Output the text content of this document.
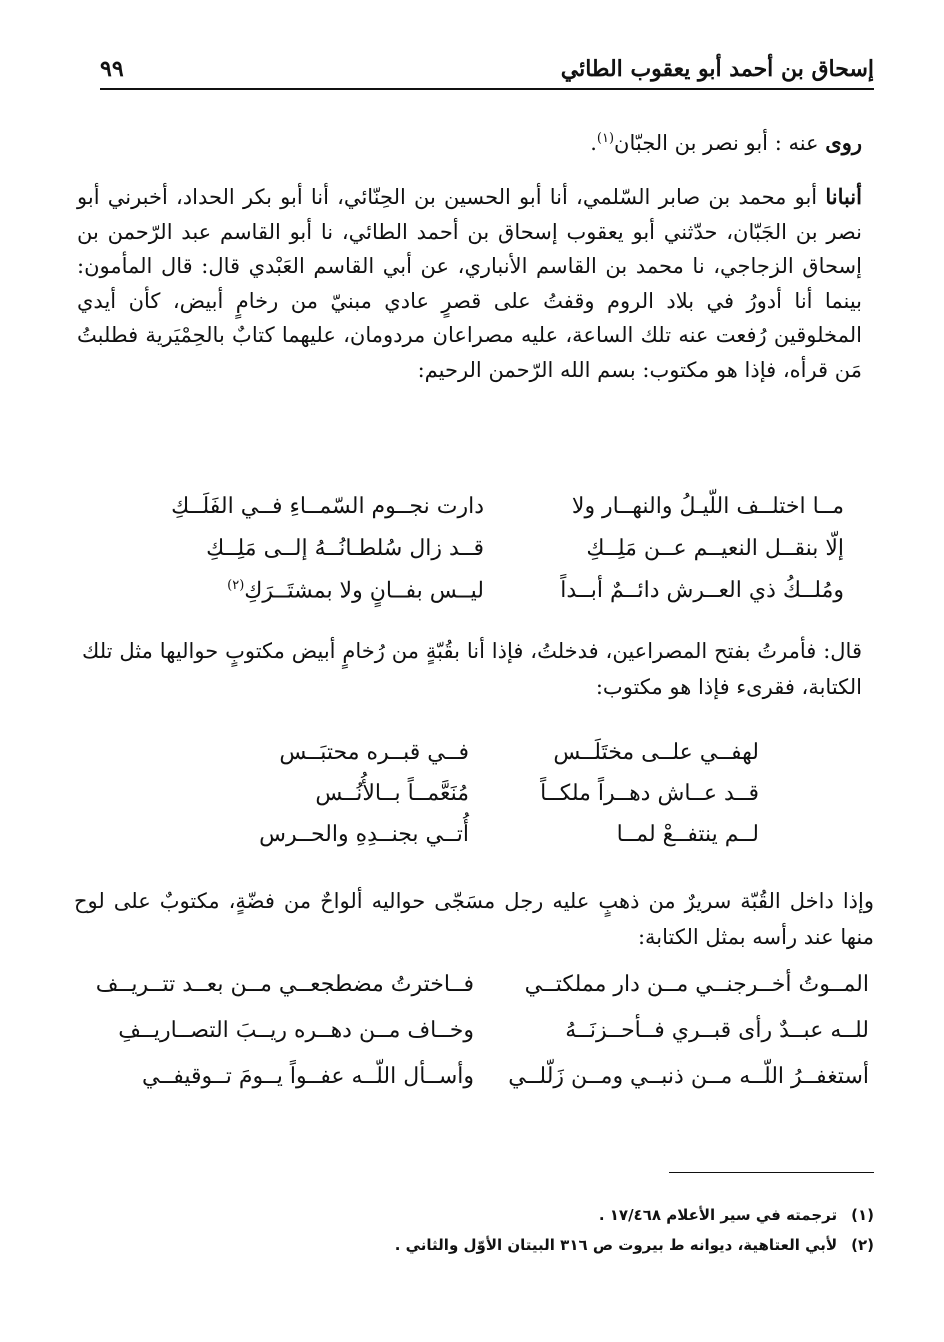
إسحاق بن أحمد أبو يعقوب الطائي
٩٩
روى عنه : أبو نصر بن الجبّان$^{(١)}$.
أنبانا أبو محمد بن صابر السّلمي، أنا أبو الحسين بن الحِنّائي، أنا أبو بكر الحداد، أخبرني أبو نصر بن الجَبّان، حدّثني أبو يعقوب إسحاق بن أحمد الطائي، نا أبو القاسم عبد الرّحمن بن إسحاق الزجاجي، نا محمد بن القاسم الأنباري، عن أبي القاسم العَبْدي قال: قال المأمون: بينما أنا أدورُ في بلاد الروم وقفتُ على قصرٍ عادي مبنيّ من رخامٍ أبيض، كأن أيدي المخلوقين رُفعت عنه تلك الساعة، عليه مصراعان مردومان، عليهما كتابٌ بالحِمْيَرية فطلبتُ مَن قرأه، فإذا هو مكتوب: بسم الله الرّحمن الرحيم:
مــا اختلــف اللّيـلُ والنهــار ولا
دارت نجــوم السّمــاءِ فــي الفَلَــكِ
إلّا بنقــل النعيــم عــن مَلِــكِ
قــد زال سُلطـانُــهُ إلــى مَلِــكِ
ومُلــكُ ذي العــرش دائــمٌ أبــداً
ليــس بفــانٍ ولا بمشتَــرَكِ$^{(٢)}$
قال: فأمرتُ بفتح المصراعين، فدخلتُ، فإذا أنا بقُبّةٍ من رُخامٍ أبيض مكتوبٍ حواليها مثل تلك الكتابة، فقرىء فإذا هو مكتوب:
لهفــي علــى مختَلَــس
فــي قبــره محتبَــس
قــد عــاش دهــراً ملكــاً
مُنَعَّمــاً بــالأُنُــس
لــم ينتفــعْ لمــا
أُتــي بجنــدِهِ والحــرس
وإذا داخل القُبّة سريرٌ من ذهبٍ عليه رجل مسَجّى حواليه ألواحٌ من فضّةٍ، مكتوبٌ على لوح منها عند رأسه بمثل الكتابة:
المــوتُ أخــرجنــي مــن دار مملكتــي
فــاخترتُ مضطجعــي مــن بعــد تتــريــف
للــه عبــدٌ رأى قبــري فــأحــزنَــهُ
وخــاف مــن دهــره ريــبَ التصــاريــفِ
أستغفــرُ اللّــه مــن ذنبــي ومــن زَلّلــي
وأســأل اللّــه عفــواً يــومَ تــوقيفــي
(١)ترجمته في سير الأعلام ١٧/٤٦٨ .
(٢)لأبي العتاهية، ديوانه ط بيروت ص ٣١٦ البيتان الأوّل والثاني .
